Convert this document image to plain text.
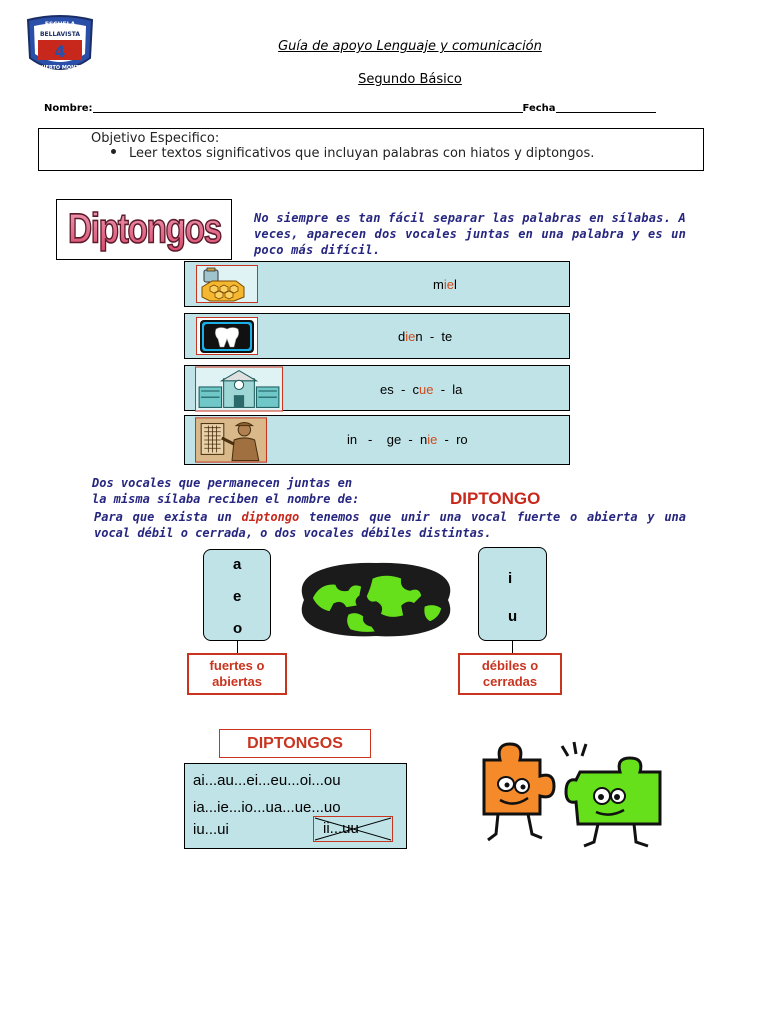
4
ESCUELA
BELLAVISTA
PUERTO MONTT
Guía de apoyo Lenguaje y comunicación
Segundo Básico
Nombre:	Fecha
Objetivo Especifico:
Leer textos significativos que incluyan palabras con hiatos y diptongos.
Diptongos	No siempre es tan fácil separar las palabras en sílabas. A veces, aparecen dos vocales juntas en una palabra y es un poco más difícil.
miel
dien  -  te
es  -  cue  -  la
in   -    ge  -  nie  -  ro
Dos vocales que permanecen juntas en
la misma sílaba reciben el nombre de:	DIPTONGO
Para que exista un diptongo tenemos que unir una vocal fuerte o abierta y una vocal débil o cerrada, o dos vocales débiles distintas.
a
e
o
i
u
fuertes o
abiertas
débiles o
cerradas
DIPTONGOS
ai...au...ei...eu...oi...ou
ia...ie...io...ua...ue...uo
iu...ui	ii...uu
